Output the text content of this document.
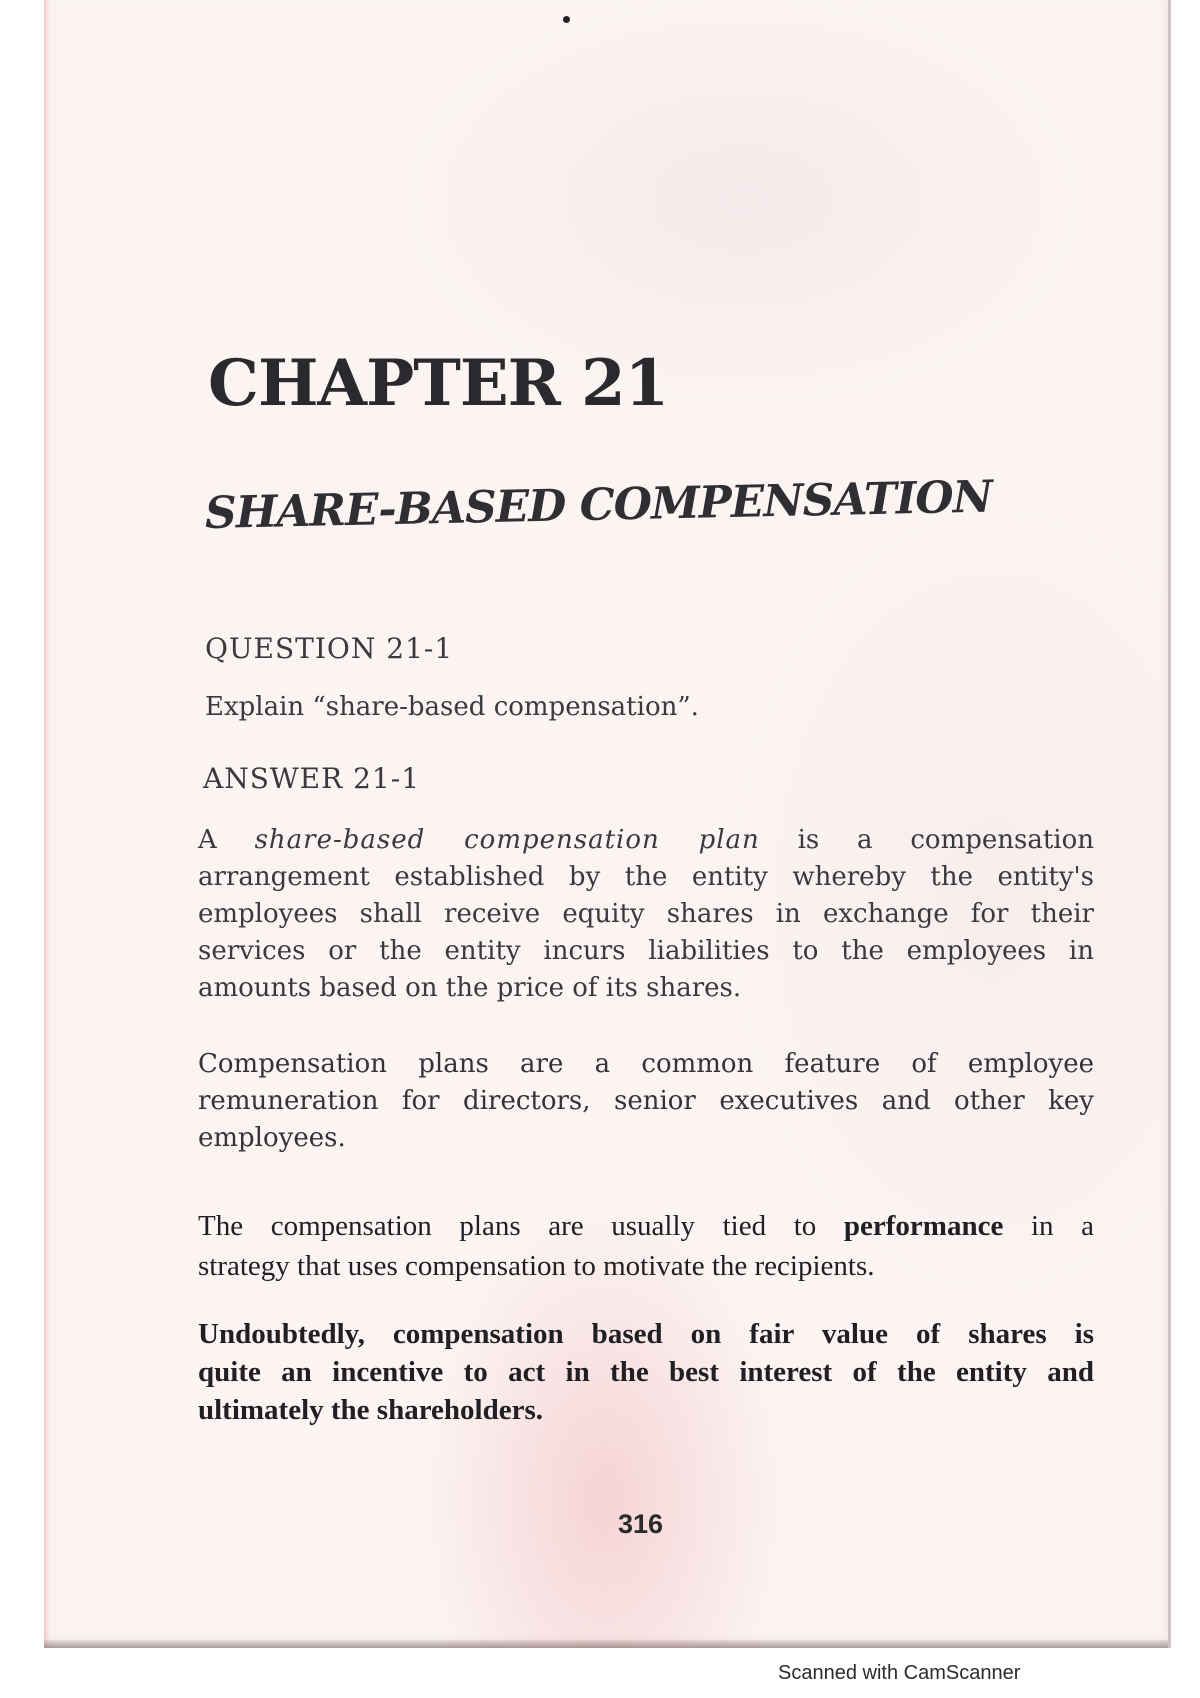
CHAPTER 21
SHARE-BASED COMPENSATION
QUESTION 21-1
Explain “share-based compensation”.
ANSWER 21-1
A share-based compensation plan is a compensation
arrangement established by the entity whereby the entity's
employees shall receive equity shares in exchange for their
services or the entity incurs liabilities to the employees in
amounts based on the price of its shares.
Compensation plans are a common feature of employee
remuneration for directors, senior executives and other key
employees.
The compensation plans are usually tied to performance in a
strategy that uses compensation to motivate the recipients.
Undoubtedly, compensation based on fair value of shares is
quite an incentive to act in the best interest of the entity and
ultimately the shareholders.
316
Scanned with CamScanner
